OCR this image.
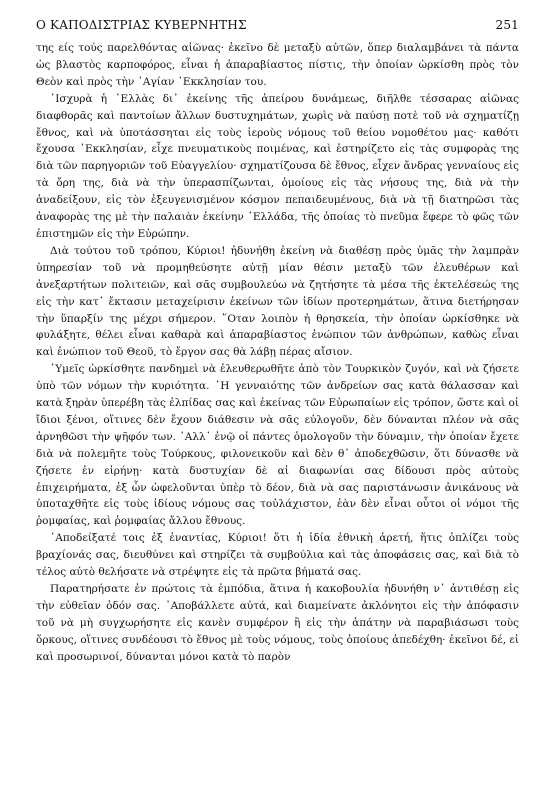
Ο ΚΑΠΟΔΙΣΤΡΙΑΣ ΚΥΒΕΡΝΗΤΗΣ	251

της είς τούς παρελθόντας αἰῶνας· ἐκεῖνο δὲ μεταξὺ αὐτῶν, ὅπερ διαλαμβάνει τὰ πάντα ὡς βλαστὸς καρποφόρος, εἶναι ἡ ἀπαραβίαστος πίστις, τὴν ὁποίαν ὡρκίσθη πρὸς τὸν Θεὸν καὶ πρὸς τὴν ᾿Αγίαν ᾿Εκκλησίαν του.

᾿Ισχυρὰ ἡ ῾Ελλὰς δι᾿ ἐκείνης τῆς ἀπείρου δυνάμεως, διῆλθε τέσσαρας αἰῶνας διαφθορᾶς καὶ παντοίων ἄλλων δυστυχημάτων, χωρὶς νὰ παύσῃ ποτὲ τοῦ νὰ σχηματίζῃ ἔθνος, καὶ νὰ ὑποτάσσηται εἰς τοὺς ἱεροὺς νόμους τοῦ θείου νομοθέτου μας· καθότι ἔχουσα ᾿Εκκλησίαν, εἶχε πνευματικοὺς ποιμένας, καὶ ἐστηρίζετο εἰς τὰς συμφορὰς της διὰ τῶν παρηγοριῶν τοῦ Εὐαγγελίου· σχηματίζουσα δὲ ἔθνος, εἶχεν ἄνδρας γενναίους εἰς τὰ ὄρη της, διὰ νὰ τὴν ὑπερασπίζωνται, ὁμοίους εἰς τὰς νήσους της, διὰ νὰ τὴν ἀναδείξουν, εἰς τὸν ἐξευγενισμένον κόσμον πεπαιδευμένους, διὰ νὰ τῇ διατηρῶσι τὰς ἀναφορὰς της μὲ τὴν παλαιὰν ἐκείνην ῾Ελλάδα, τῆς ὁποίας τὸ πνεῦμα ἔφερε τὸ φῶς τῶν ἐπιστημῶν εἰς τὴν Εὐρώπην.

Διὰ τούτου τοῦ τρόπου, Κύριοι! ἠδυνήθη ἐκείνη νὰ διαθέσῃ πρὸς ὑμᾶς τὴν λαμπρὰν ὑπηρεσίαν τοῦ νὰ προμηθεύσητε αὐτῇ μίαν θέσιν μεταξὺ τῶν ἐλευθέρων καὶ ἀνεξαρτήτων πολιτειῶν, καὶ σᾶς συμβουλεύω νὰ ζητήσητε τὰ μέσα τῆς ἐκτελέσεώς της εἰς τὴν κατ᾿ ἔκτασιν μεταχείρισιν ἐκείνων τῶν ἰδίων προτερημάτων, ἅτινα διετήρησαν τὴν ὕπαρξίν της μέχρι σήμερον. ῞Οταν λοιπὸν ἡ θρησκεία, τὴν ὁποίαν ὡρκίσθηκε νὰ φυλάξητε, θέλει εἶναι καθαρὰ καὶ ἀπαραβίαστος ἐνώπιον τῶν ἀνθρώπων, καθὼς εἶναι καὶ ἐνώπιον τοῦ Θεοῦ, τὸ ἔργον σας θὰ λάβῃ πέρας αἴσιον.

῾Υμεῖς ὡρκίσθητε πανδημεὶ νὰ ἐλευθερωθῆτε ἀπὸ τὸν Τουρκικὸν ζυγόν, καὶ νὰ ζήσετε ὑπὸ τῶν νόμων τὴν κυριότητα. ῾Η γενναιότης τῶν ἀνδρείων σας κατὰ θάλασσαν καὶ κατὰ ξηρὰν ὑπερέβη τὰς ἐλπίδας σας καὶ ἐκείνας τῶν Εὐρωπαίων εἰς τρόπον, ὥστε καὶ οἱ ἴδιοι ξένοι, οἵτινες δὲν ἔχουν διάθεσιν νὰ σᾶς εὐλογοῦν, δὲν δύνανται πλέον νὰ σᾶς ἀρνηθῶσι τὴν ψῆφόν των. ᾿Αλλ᾿ ἐνῷ οἱ πάντες ὁμολογοῦν τὴν δύναμιν, τὴν ὁποίαν ἔχετε διὰ νὰ πολεμῆτε τοὺς Τούρκους, φιλονεικοῦν καὶ δὲν θ᾿ ἀποδεχθῶσιν, ὅτι δύνασθε νὰ ζήσετε ἐν εἰρήνῃ· κατὰ δυστυχίαν δὲ αἱ διαφωνίαι σας δίδουσι πρὸς αὐτοὺς ἐπιχειρήματα, ἐξ ὧν ὠφελοῦνται ὑπὲρ τὸ δέον, διὰ νὰ σας παριστάνωσιν ἀνικάνους νὰ ὑποταχθῆτε εἰς τοὺς ἰδίους νόμους σας τοὐλάχιστον, ἐὰν δὲν εἶναι οὗτοι οἱ νόμοι τῆς ῥομφαίας, καὶ ῥομφαίας ἄλλου ἔθνους.

᾿Αποδείξατέ τοις ἐξ ἐναντίας, Κύριοι! ὅτι ἡ ἰδία ἐθνικὴ ἀρετή, ἥτις ὁπλίζει τοὺς βραχίονάς σας, διευθύνει καὶ στηρίζει τὰ συμβούλια καὶ τὰς ἀποφάσεις σας, καὶ διὰ τὸ τέλος αὐτὸ θελήσατε νὰ στρέψητε εἰς τὰ πρῶτα βήματά σας.

Παρατηρήσατε ἐν πρώτοις τὰ ἐμπόδια, ἅτινα ἡ κακοβουλία ἠδυνήθη ν᾿ ἀντιθέσῃ εἰς τὴν εὐθεῖαν ὁδόν σας. ᾿Αποβάλλετε αὐτά, καὶ διαμείνατε ἀκλόνητοι εἰς τὴν ἀπόφασιν τοῦ νὰ μὴ συγχωρήσητε εἰς κανὲν συμφέρον ἢ εἰς τὴν ἀπάτην νὰ παραβιάσωσι τοὺς ὅρκους, οἵτινες συνδέουσι τὸ ἔθνος μὲ τοὺς νόμους, τοὺς ὁποίους ἀπεδέχθη· ἐκεῖνοι δέ, εἰ καὶ προσωρινοί, δύνανται μόνοι κατὰ τὸ παρὸν
